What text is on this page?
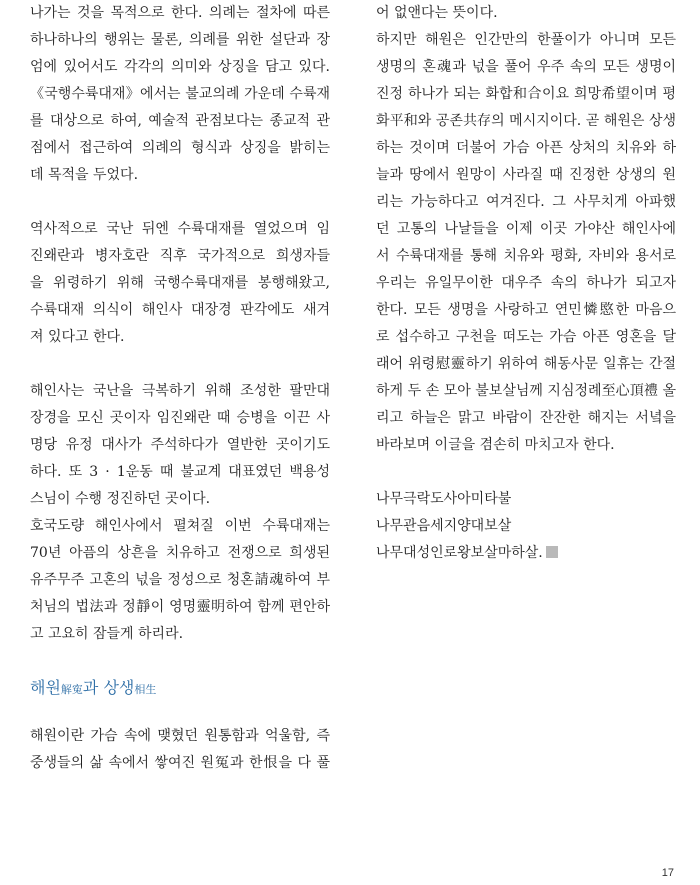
나가는 것을 목적으로 한다. 의례는 절차에 따른
하나하나의 행위는 물론, 의례를 위한 설단과 장
엄에 있어서도 각각의 의미와 상징을 담고 있다.
《국행수륙대재》에서는 불교의례 가운데 수륙재
를 대상으로 하여, 예술적 관점보다는 종교적 관
점에서 접근하여 의례의 형식과 상징을 밝히는
데 목적을 두었다.
역사적으로 국난 뒤엔 수륙대재를 열었으며 임
진왜란과 병자호란 직후 국가적으로 희생자들
을 위령하기 위해 국행수륙대재를 봉행해왔고,
수륙대재 의식이 해인사 대장경 판각에도 새겨
져 있다고 한다.
해인사는 국난을 극복하기 위해 조성한 팔만대
장경을 모신 곳이자 임진왜란 때 승병을 이끈 사
명당 유정 대사가 주석하다가 열반한 곳이기도
하다. 또 3 · 1운동 때 불교계 대표였던 백용성
스님이 수행 정진하던 곳이다.
호국도량 해인사에서 펼쳐질 이번 수륙대재는
70년 아픔의 상흔을 치유하고 전쟁으로 희생된
유주무주 고혼의 넋을 정성으로 청혼請魂하여 부
처님의 법法과 정靜이 영명靈明하여 함께 편안하
고 고요히 잠들게 하리라.
해원解寃과 상생相生
해원이란 가슴 속에 맺혔던 원통함과 억울함, 즉
중생들의 삶 속에서 쌓여진 원冤과 한恨을 다 풀
어 없앤다는 뜻이다.
하지만 해원은 인간만의 한풀이가 아니며 모든
생명의 혼魂과 넋을 풀어 우주 속의 모든 생명이
진정 하나가 되는 화합和合이요 희망希望이며 평
화平和와 공존共存의 메시지이다. 곧 해원은 상생
하는 것이며 더불어 가슴 아픈 상처의 치유와 하
늘과 땅에서 원망이 사라질 때 진정한 상생의 원
리는 가능하다고 여겨진다. 그 사무치게 아파했
던 고통의 나날들을 이제 이곳 가야산 해인사에
서 수륙대재를 통해 치유와 평화, 자비와 용서로
우리는 유일무이한 대우주 속의 하나가 되고자
한다. 모든 생명을 사랑하고 연민憐愍한 마음으
로 섭수하고 구천을 떠도는 가슴 아픈 영혼을 달
래어 위령慰靈하기 위하여 해동사문 일휴는 간절
하게 두 손 모아 불보살님께 지심정례至心頂禮 올
리고 하늘은 맑고 바람이 잔잔한 해지는 서녘을
바라보며 이글을 겸손히 마치고자 한다.
나무극락도사아미타불
나무관음세지양대보살
나무대성인로왕보살마하살.
17
